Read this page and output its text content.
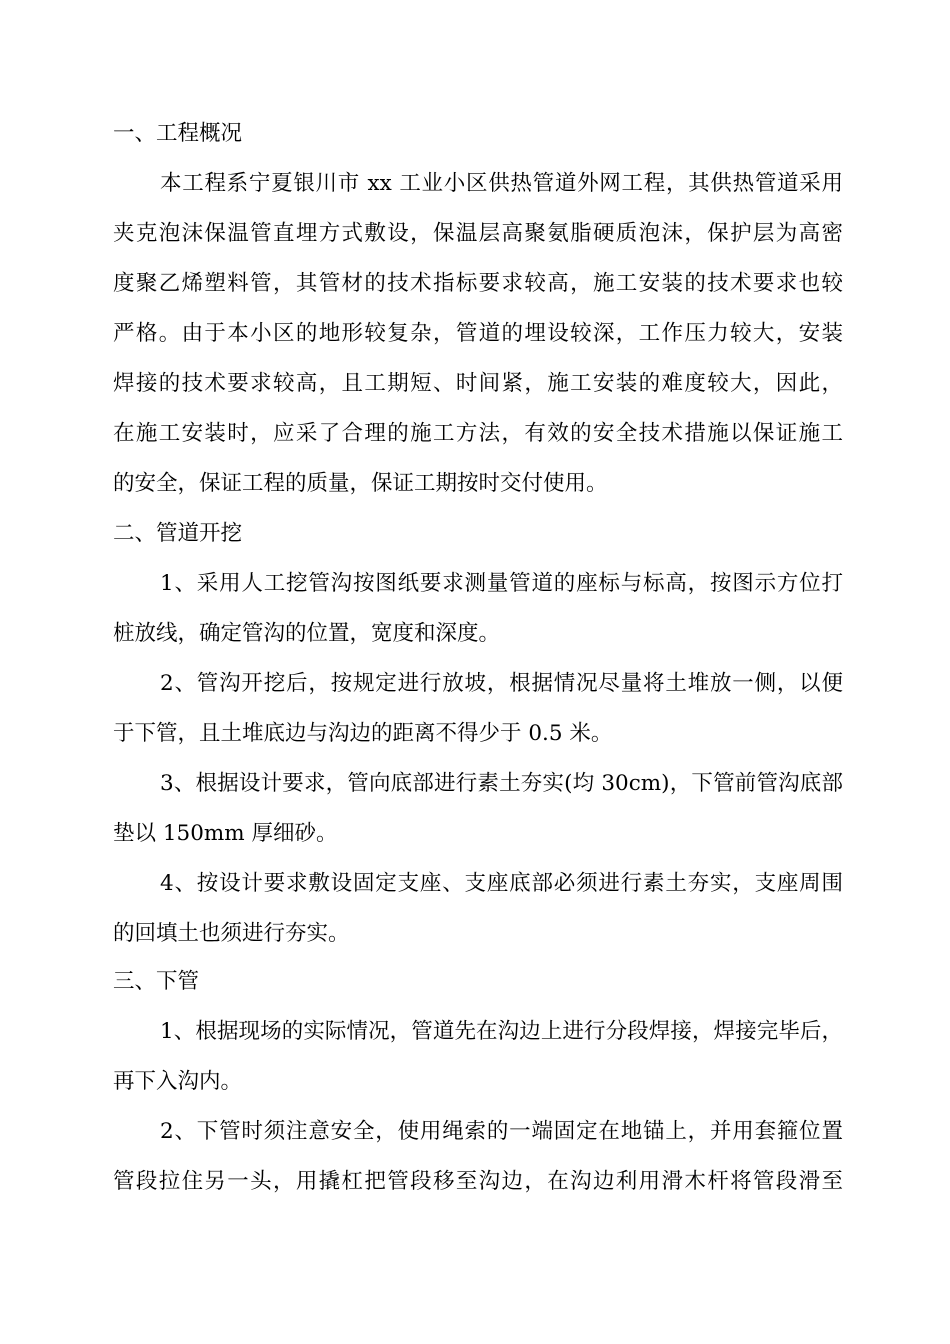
一、工程概况
本工程系宁夏银川市 xx 工业小区供热管道外网工程，其供热管道采用
夹克泡沫保温管直埋方式敷设，保温层高聚氨脂硬质泡沫，保护层为高密
度聚乙烯塑料管，其管材的技术指标要求较高，施工安装的技术要求也较
严格。由于本小区的地形较复杂，管道的埋设较深，工作压力较大，安装
焊接的技术要求较高，且工期短、时间紧，施工安装的难度较大，因此，
在施工安装时，应采了合理的施工方法，有效的安全技术措施以保证施工
的安全，保证工程的质量，保证工期按时交付使用。
二、管道开挖
1、采用人工挖管沟按图纸要求测量管道的座标与标高，按图示方位打
桩放线，确定管沟的位置，宽度和深度。
2、管沟开挖后，按规定进行放坡，根据情况尽量将土堆放一侧，以便
于下管，且土堆底边与沟边的距离不得少于 0.5 米。
3、根据设计要求，管向底部进行素土夯实(均 30cm)，下管前管沟底部
垫以 150mm 厚细砂。
4、按设计要求敷设固定支座、支座底部必须进行素土夯实，支座周围
的回填土也须进行夯实。
三、下管
1、根据现场的实际情况，管道先在沟边上进行分段焊接，焊接完毕后，
再下入沟内。
2、下管时须注意安全，使用绳索的一端固定在地锚上，并用套箍位置
管段拉住另一头，用撬杠把管段移至沟边，在沟边利用滑木杆将管段滑至
